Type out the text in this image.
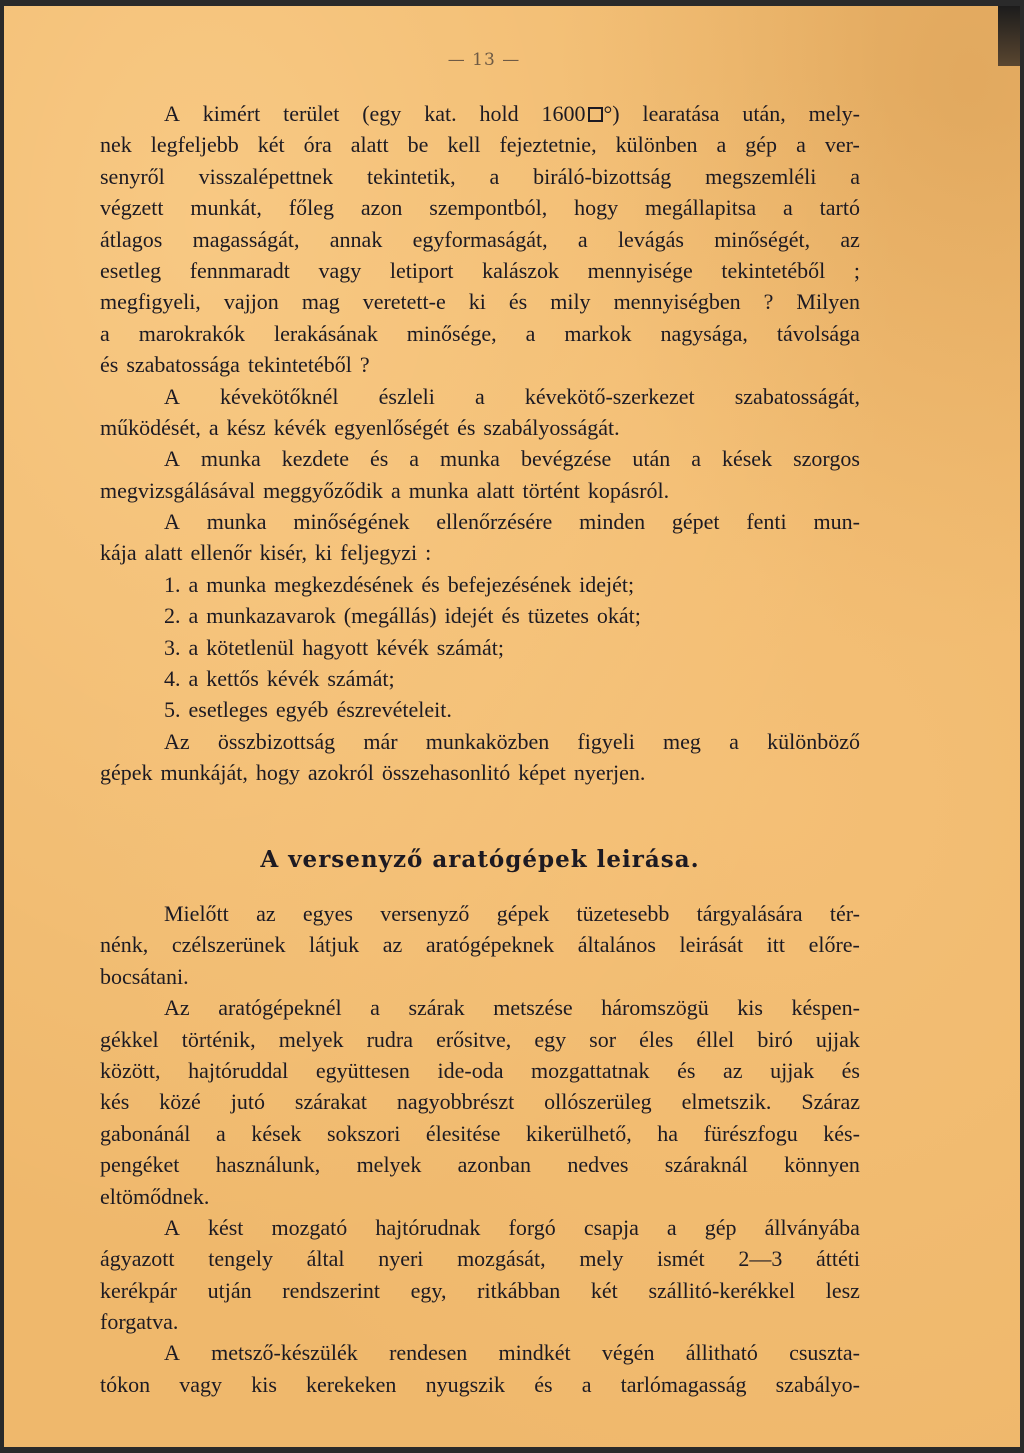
— 13 —
A kimért terület (egy kat. hold 1600 °) learatása után, mely-
nek legfeljebb két óra alatt be kell fejeztetnie, különben a gép a ver-
senyről visszalépettnek tekintetik, a biráló-bizottság megszemléli a
végzett munkát, főleg azon szempontból, hogy megállapitsa a tartó
átlagos magasságát, annak egyformaságát, a levágás minőségét, az
esetleg fennmaradt vagy letiport kalászok mennyisége tekintetéből ;
megfigyeli, vajjon mag veretett-e ki és mily mennyiségben ? Milyen
a marokrakók lerakásának minősége, a markok nagysága, távolsága
és szabatossága tekintetéből ?
A kévekötőknél észleli a kévekötő-szerkezet szabatosságát,
működését, a kész kévék egyenlőségét és szabályosságát.
A munka kezdete és a munka bevégzése után a kések szorgos
megvizsgálásával meggyőződik a munka alatt történt kopásról.
A munka minőségének ellenőrzésére minden gépet fenti mun-
kája alatt ellenőr kisér, ki feljegyzi :
1. a munka megkezdésének és befejezésének idejét;
2. a munkazavarok (megállás) idejét és tüzetes okát;
3. a kötetlenül hagyott kévék számát;
4. a kettős kévék számát;
5. esetleges egyéb észrevételeit.
Az összbizottság már munkaközben figyeli meg a különböző
gépek munkáját, hogy azokról összehasonlitó képet nyerjen.
A versenyző aratógépek leirása.
Mielőtt az egyes versenyző gépek tüzetesebb tárgyalására tér-
nénk, czélszerünek látjuk az aratógépeknek általános leirását itt előre-
bocsátani.
Az aratógépeknél a szárak metszése háromszögü kis késpen-
gékkel történik, melyek rudra erősitve, egy sor éles éllel biró ujjak
között, hajtóruddal együttesen ide-oda mozgattatnak és az ujjak és
kés közé jutó szárakat nagyobbrészt ollószerüleg elmetszik. Száraz
gabonánál a kések sokszori élesitése kikerülhető, ha fürészfogu kés-
pengéket használunk, melyek azonban nedves száraknál könnyen
eltömődnek.
A kést mozgató hajtórudnak forgó csapja a gép állványába
ágyazott tengely által nyeri mozgását, mely ismét 2—3 áttéti
kerékpár utján rendszerint egy, ritkábban két szállitó-kerékkel lesz
forgatva.
A metsző-készülék rendesen mindkét végén állitható csuszta-
tókon vagy kis kerekeken nyugszik és a tarlómagasság szabályo-
